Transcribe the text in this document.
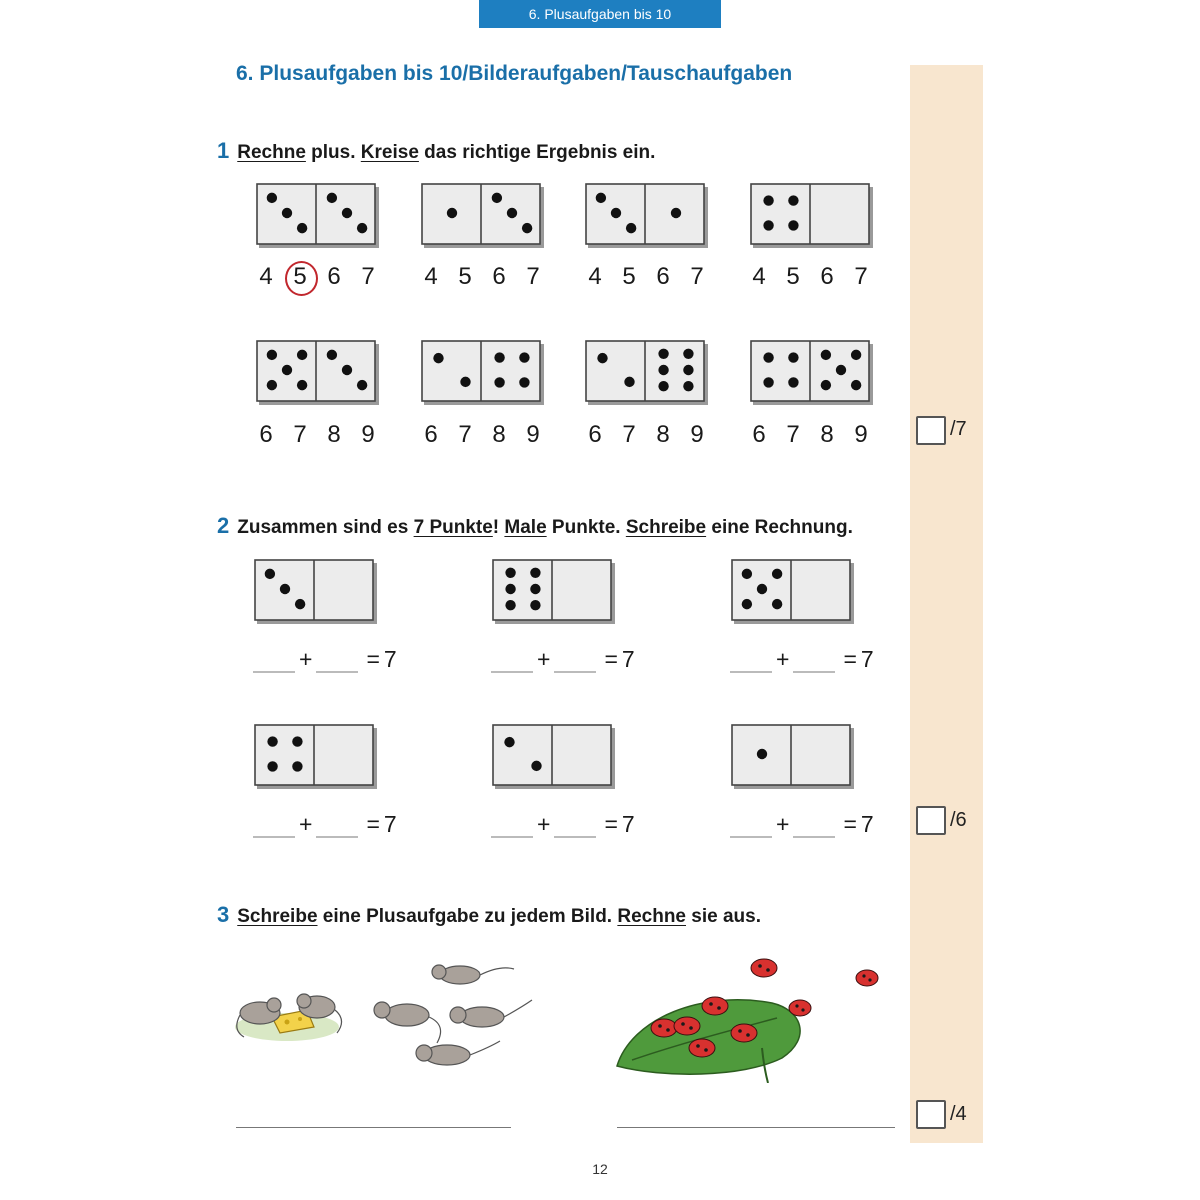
6. Plusaufgaben bis 10
6. Plusaufgaben bis 10/Bilderaufgaben/Tauschaufgaben
/7
/6
/4
1 Rechne plus. Kreise das richtige Ergebnis ein.
4 5 6 7	4 5 6 7	4 5 6 7	4 5 6 7
6 7 8 9	6 7 8 9	6 7 8 9	6 7 8 9
2 Zusammen sind es 7 Punkte! Male Punkte. Schreibe eine Rechnung.
+ = 7	+ = 7	+ = 7
+ = 7	+ = 7	+ = 7
3 Schreibe eine Plusaufgabe zu jedem Bild. Rechne sie aus.
12
